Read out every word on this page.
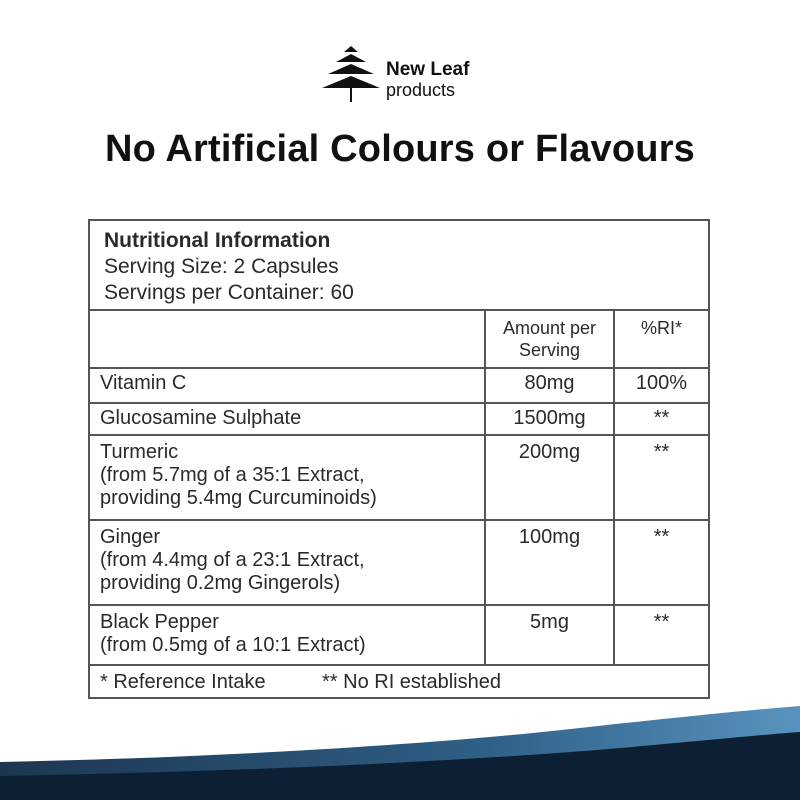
New Leaf
products
No Artificial Colours or Flavours
Nutritional Information
Serving Size: 2 Capsules
Servings per Container: 60
Amount per
Serving
%RI*
Vitamin C	80mg	100%
Glucosamine Sulphate	1500mg	**
Turmeric
(from 5.7mg of a 35:1 Extract,
providing 5.4mg Curcuminoids)
200mg	**
Ginger
(from 4.4mg of a 23:1 Extract,
providing 0.2mg Gingerols)
100mg	**
Black Pepper
(from 0.5mg of a 10:1 Extract)
5mg	**
* Reference Intake	** No RI established
